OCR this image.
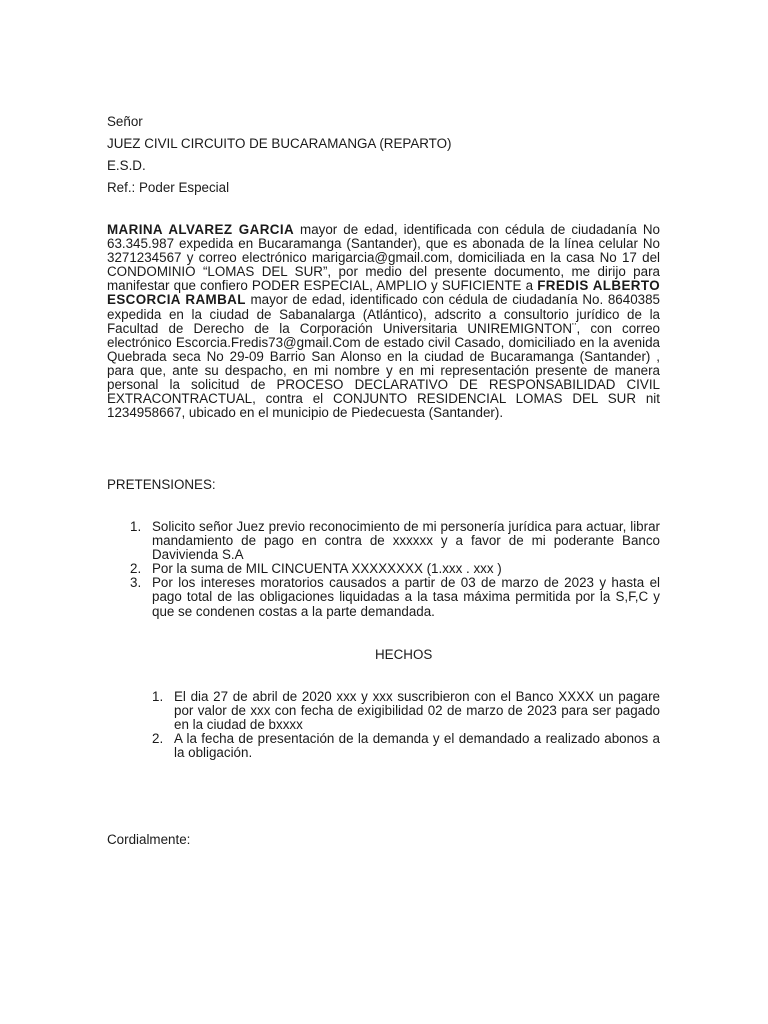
Señor

JUEZ CIVIL CIRCUITO DE BUCARAMANGA (REPARTO)

E.S.D.

Ref.: Poder Especial

MARINA ALVAREZ GARCIA mayor de edad, identificada con cédula de ciudadanía No 63.345.987 expedida en Bucaramanga (Santander), que es abonada de la línea celular No 3271234567 y correo electrónico marigarcia@gmail.com, domiciliada en la casa No 17 del CONDOMINIO “LOMAS DEL SUR”, por medio del presente documento, me dirijo para manifestar que confiero PODER ESPECIAL, AMPLIO y SUFICIENTE a FREDIS ALBERTO ESCORCIA RAMBAL mayor de edad, identificado con cédula de ciudadanía No. 8640385 expedida en la ciudad de Sabanalarga (Atlántico), adscrito a consultorio jurídico de la Facultad de Derecho de la Corporación Universitaria UNIREMIGNTON¨, con correo electrónico Escorcia.Fredis73@gmail.Com de estado civil Casado, domiciliado en la avenida Quebrada seca No 29-09 Barrio San Alonso en la ciudad de Bucaramanga (Santander) , para que, ante su despacho, en mi nombre y en mi representación presente de manera personal la solicitud de PROCESO DECLARATIVO DE RESPONSABILIDAD CIVIL EXTRACONTRACTUAL, contra el CONJUNTO RESIDENCIAL LOMAS DEL SUR nit 1234958667, ubicado en el municipio de Piedecuesta (Santander).

PRETENSIONES:

1. Solicito señor Juez previo reconocimiento de mi personería jurídica para actuar, librar mandamiento de pago en contra de xxxxxx y a favor de mi poderante Banco Davivienda S.A
2. Por la suma de MIL CINCUENTA XXXXXXXX (1.xxx . xxx )
3. Por los intereses moratorios causados a partir de 03 de marzo de 2023 y hasta el pago total de las obligaciones liquidadas a la tasa máxima permitida por la S,F,C y que se condenen costas a la parte demandada.

HECHOS

1. El dia 27 de abril de 2020 xxx y xxx suscribieron con el Banco XXXX un pagare por valor de xxx con fecha de exigibilidad 02 de marzo de 2023 para ser pagado en la ciudad de bxxxx
2. A la fecha de presentación de la demanda y el demandado a realizado abonos a la obligación.

Cordialmente:
